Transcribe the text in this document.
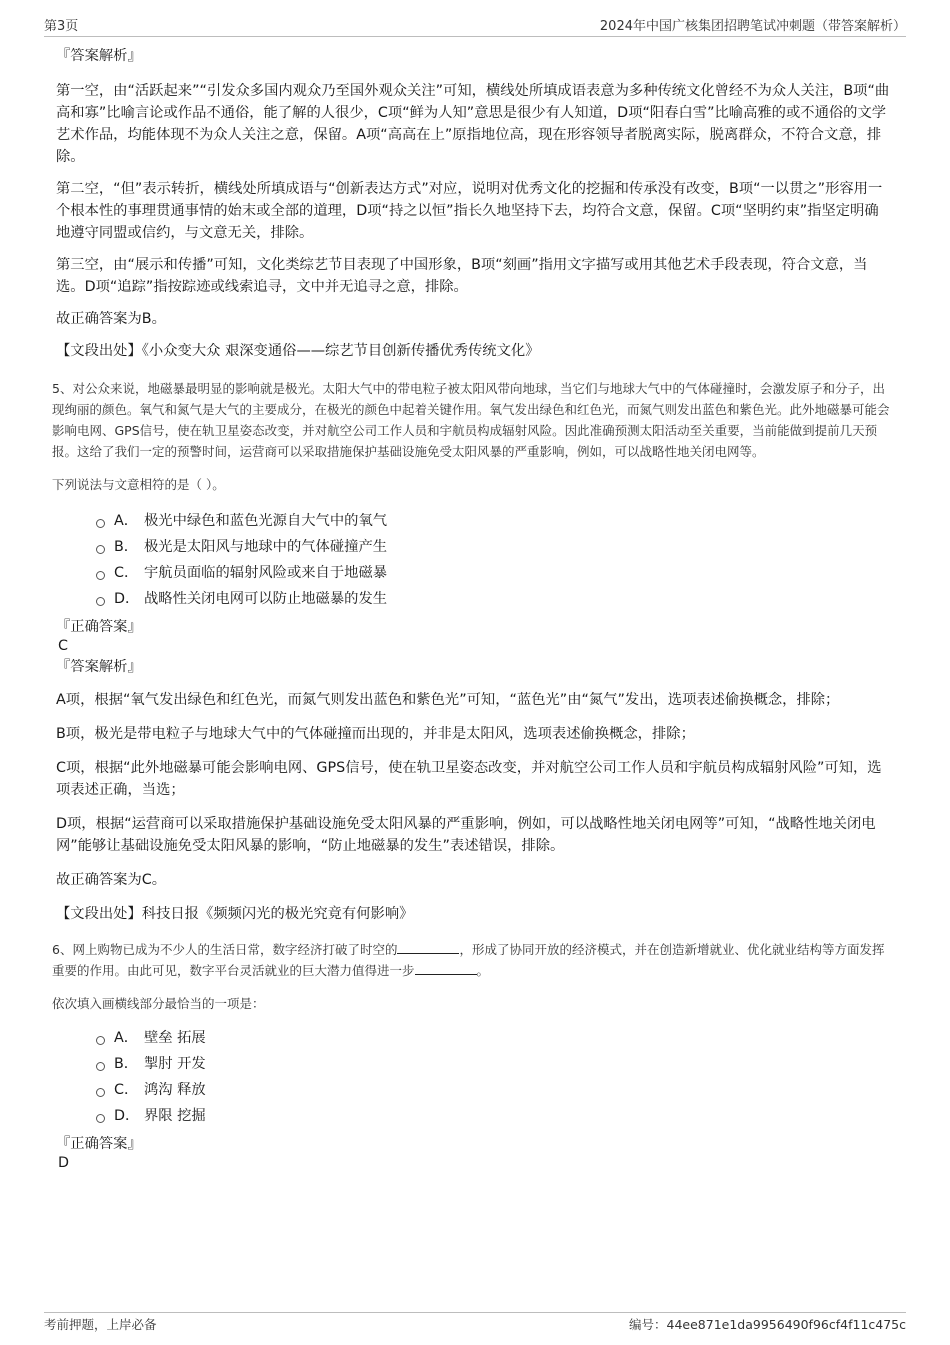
第3页	2024年中国广核集团招聘笔试冲刺题（带答案解析）

『答案解析』

第一空，由“活跃起来”“引发众多国内观众乃至国外观众关注”可知，横线处所填成语表意为多种传统文化曾经不为众人关注，B项“曲高和寡”比喻言论或作品不通俗，能了解的人很少，C项“鲜为人知”意思是很少有人知道，D项“阳春白雪”比喻高雅的或不通俗的文学艺术作品，均能体现不为众人关注之意，保留。A项“高高在上”原指地位高，现在形容领导者脱离实际，脱离群众，不符合文意，排除。

第二空，“但”表示转折，横线处所填成语与“创新表达方式”对应，说明对优秀文化的挖掘和传承没有改变，B项“一以贯之”形容用一个根本性的事理贯通事情的始末或全部的道理，D项“持之以恒”指长久地坚持下去，均符合文意，保留。C项“坚明约束”指坚定明确地遵守同盟或信约，与文意无关，排除。

第三空，由“展示和传播”可知，文化类综艺节目表现了中国形象，B项“刻画”指用文字描写或用其他艺术手段表现，符合文意，当选。D项“追踪”指按踪迹或线索追寻，文中并无追寻之意，排除。

故正确答案为B。

【文段出处】《小众变大众 艰深变通俗——综艺节目创新传播优秀传统文化》

5、对公众来说，地磁暴最明显的影响就是极光。太阳大气中的带电粒子被太阳风带向地球，当它们与地球大气中的气体碰撞时，会激发原子和分子，出现绚丽的颜色。氧气和氮气是大气的主要成分，在极光的颜色中起着关键作用。氧气发出绿色和红色光，而氮气则发出蓝色和紫色光。此外地磁暴可能会影响电网、GPS信号，使在轨卫星姿态改变，并对航空公司工作人员和宇航员构成辐射风险。因此准确预测太阳活动至关重要，当前能做到提前几天预报。这给了我们一定的预警时间，运营商可以采取措施保护基础设施免受太阳风暴的严重影响，例如，可以战略性地关闭电网等。

下列说法与文意相符的是（ ）。

A． 极光中绿色和蓝色光源自大气中的氧气
B． 极光是太阳风与地球中的气体碰撞产生
C． 宇航员面临的辐射风险或来自于地磁暴
D． 战略性关闭电网可以防止地磁暴的发生

『正确答案』

C

『答案解析』

A项，根据“氧气发出绿色和红色光，而氮气则发出蓝色和紫色光”可知，“蓝色光”由“氮气”发出，选项表述偷换概念，排除；

B项，极光是带电粒子与地球大气中的气体碰撞而出现的，并非是太阳风，选项表述偷换概念，排除；

C项，根据“此外地磁暴可能会影响电网、GPS信号，使在轨卫星姿态改变，并对航空公司工作人员和宇航员构成辐射风险”可知，选项表述正确，当选；

D项，根据“运营商可以采取措施保护基础设施免受太阳风暴的严重影响，例如，可以战略性地关闭电网等”可知，“战略性地关闭电网”能够让基础设施免受太阳风暴的影响，“防止地磁暴的发生”表述错误，排除。

故正确答案为C。

【文段出处】科技日报《频频闪光的极光究竟有何影响》

6、网上购物已成为不少人的生活日常，数字经济打破了时空的	，形成了协同开放的经济模式，并在创造新增就业、优化就业结构等方面发挥重要的作用。由此可见，数字平台灵活就业的巨大潜力值得进一步	。

依次填入画横线部分最恰当的一项是：

A． 壁垒 拓展
B． 掣肘 开发
C． 鸿沟 释放
D． 界限 挖掘

『正确答案』

D

考前押题，上岸必备	编号：44ee871e1da9956490f96cf4f11c475c
